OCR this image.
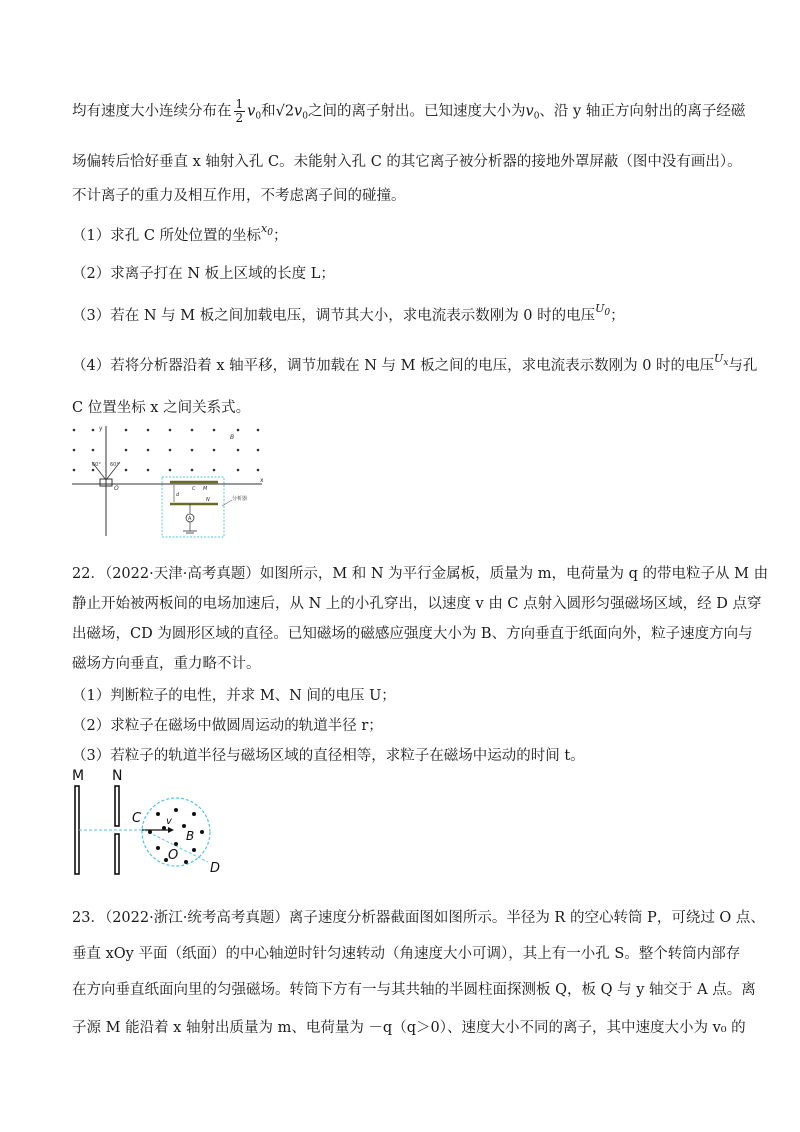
均有速度大小连续分布在 $\frac{1}{2} v_0$和$√2v_0$之间的离子射出。已知速度大小为$v_0$、沿 y 轴正方向射出的离子经磁
场偏转后恰好垂直 x 轴射入孔 C。未能射入孔 C 的其它离子被分析器的接地外罩屏蔽（图中没有画出）。
不计离子的重力及相互作用，不考虑离子间的碰撞。
（1）求孔 C 所处位置的坐标$^{x_0}$；
（2）求离子打在 N 板上区域的长度 L；
（3）若在 N 与 M 板之间加载电压，调节其大小，求电流表示数刚为 0 时的电压$^{U_0}$；
（4）若将分析器沿着 x 轴平移，调节加载在 N 与 M 板之间的电压，求电流表示数刚为 0 时的电压$^{U_x}$与孔
C 位置坐标 x 之间关系式。
y
B
x
60° 60°
O	C M
d
N
A
分析器
22．（2022·天津·高考真题）如图所示，M 和 N 为平行金属板，质量为 m，电荷量为 q 的带电粒子从 M 由
静止开始被两板间的电场加速后，从 N 上的小孔穿出，以速度 v 由 C 点射入圆形匀强磁场区域，经 D 点穿
出磁场，CD 为圆形区域的直径。已知磁场的磁感应强度大小为 B、方向垂直于纸面向外，粒子速度方向与
磁场方向垂直，重力略不计。
（1）判断粒子的电性，并求 M、N 间的电压 U；
（2）求粒子在磁场中做圆周运动的轨道半径 r；
（3）若粒子的轨道半径与磁场区域的直径相等，求粒子在磁场中运动的时间 t。
M N
C v
B
O
D
23．（2022·浙江·统考高考真题）离子速度分析器截面图如图所示。半径为 R 的空心转筒 P，可绕过 O 点、
垂直 xOy 平面（纸面）的中心轴逆时针匀速转动（角速度大小可调），其上有一小孔 S。整个转筒内部存
在方向垂直纸面向里的匀强磁场。转筒下方有一与其共轴的半圆柱面探测板 Q，板 Q 与 y 轴交于 A 点。离
子源 M 能沿着 x 轴射出质量为 m、电荷量为 －q（q＞0）、速度大小不同的离子，其中速度大小为 v₀ 的
